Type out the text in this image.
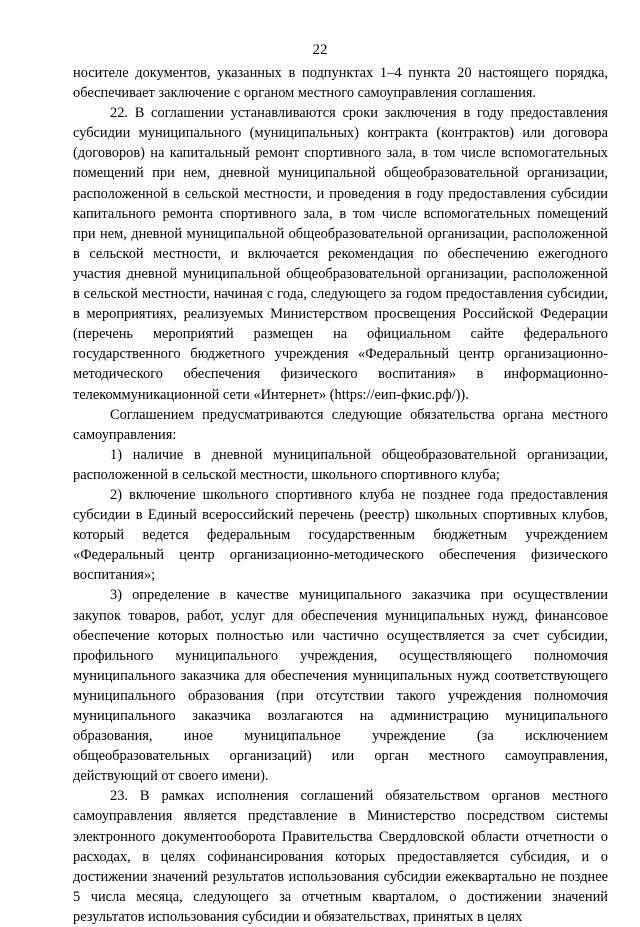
22

носителе документов, указанных в подпунктах 1–4 пункта 20 настоящего порядка, обеспечивает заключение с органом местного самоуправления соглашения.

22. В соглашении устанавливаются сроки заключения в году предоставления субсидии муниципального (муниципальных) контракта (контрактов) или договора (договоров) на капитальный ремонт спортивного зала, в том числе вспомогательных помещений при нем, дневной муниципальной общеобразовательной организации, расположенной в сельской местности, и проведения в году предоставления субсидии капитального ремонта спортивного зала, в том числе вспомогательных помещений при нем, дневной муниципальной общеобразовательной организации, расположенной в сельской местности, и включается рекомендация по обеспечению ежегодного участия дневной муниципальной общеобразовательной организации, расположенной в сельской местности, начиная с года, следующего за годом предоставления субсидии, в мероприятиях, реализуемых Министерством просвещения Российской Федерации (перечень мероприятий размещен на официальном сайте федерального государственного бюджетного учреждения «Федеральный центр организационно-методического обеспечения физического воспитания» в информационно-телекоммуникационной сети «Интернет» (https://еип-фкис.рф/)).

Соглашением предусматриваются следующие обязательства органа местного самоуправления:

1) наличие в дневной муниципальной общеобразовательной организации, расположенной в сельской местности, школьного спортивного клуба;

2) включение школьного спортивного клуба не позднее года предоставления субсидии в Единый всероссийский перечень (реестр) школьных спортивных клубов, который ведется федеральным государственным бюджетным учреждением «Федеральный центр организационно-методического обеспечения физического воспитания»;

3) определение в качестве муниципального заказчика при осуществлении закупок товаров, работ, услуг для обеспечения муниципальных нужд, финансовое обеспечение которых полностью или частично осуществляется за счет субсидии, профильного муниципального учреждения, осуществляющего полномочия муниципального заказчика для обеспечения муниципальных нужд соответствующего муниципального образования (при отсутствии такого учреждения полномочия муниципального заказчика возлагаются на администрацию муниципального образования, иное муниципальное учреждение (за исключением общеобразовательных организаций) или орган местного самоуправления, действующий от своего имени).

23. В рамках исполнения соглашений обязательством органов местного самоуправления является представление в Министерство посредством системы электронного документооборота Правительства Свердловской области отчетности о расходах, в целях софинансирования которых предоставляется субсидия, и о достижении значений результатов использования субсидии ежеквартально не позднее 5 числа месяца, следующего за отчетным кварталом, о достижении значений результатов использования субсидии и обязательствах, принятых в целях
